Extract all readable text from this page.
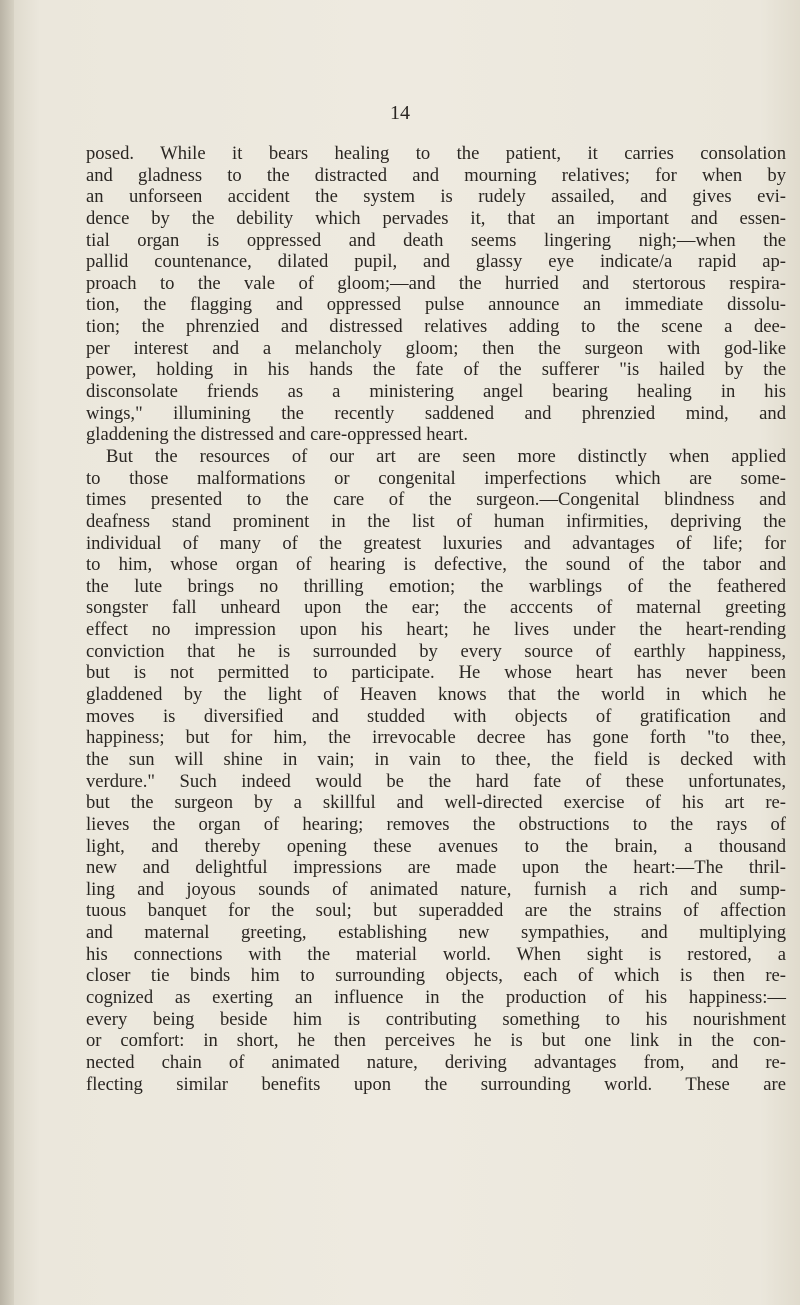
14
posed. While it bears healing to the patient, it carries consolation
and gladness to the distracted and mourning relatives; for when by
an unforseen accident the system is rudely assailed, and gives evi-
dence by the debility which pervades it, that an important and essen-
tial organ is oppressed and death seems lingering nigh;—when the
pallid countenance, dilated pupil, and glassy eye indicate/a rapid ap-
proach to the vale of gloom;—and the hurried and stertorous respira-
tion, the flagging and oppressed pulse announce an immediate dissolu-
tion; the phrenzied and distressed relatives adding to the scene a dee-
per interest and a melancholy gloom; then the surgeon with god-like
power, holding in his hands the fate of the sufferer "is hailed by the
disconsolate friends as a ministering angel bearing healing in his
wings," illumining the recently saddened and phrenzied mind, and
gladdening the distressed and care-oppressed heart.
But the resources of our art are seen more distinctly when applied
to those malformations or congenital imperfections which are some-
times presented to the care of the surgeon.—Congenital blindness and
deafness stand prominent in the list of human infirmities, depriving the
individual of many of the greatest luxuries and advantages of life; for
to him, whose organ of hearing is defective, the sound of the tabor and
the lute brings no thrilling emotion; the warblings of the feathered
songster fall unheard upon the ear; the acccents of maternal greeting
effect no impression upon his heart; he lives under the heart-rending
conviction that he is surrounded by every source of earthly happiness,
but is not permitted to participate. He whose heart has never been
gladdened by the light of Heaven knows that the world in which he
moves is diversified and studded with objects of gratification and
happiness; but for him, the irrevocable decree has gone forth "to thee,
the sun will shine in vain; in vain to thee, the field is decked with
verdure." Such indeed would be the hard fate of these unfortunates,
but the surgeon by a skillful and well-directed exercise of his art re-
lieves the organ of hearing; removes the obstructions to the rays of
light, and thereby opening these avenues to the brain, a thousand
new and delightful impressions are made upon the heart:—The thril-
ling and joyous sounds of animated nature, furnish a rich and sump-
tuous banquet for the soul; but superadded are the strains of affection
and maternal greeting, establishing new sympathies, and multiplying
his connections with the material world. When sight is restored, a
closer tie binds him to surrounding objects, each of which is then re-
cognized as exerting an influence in the production of his happiness:—
every being beside him is contributing something to his nourishment
or comfort: in short, he then perceives he is but one link in the con-
nected chain of animated nature, deriving advantages from, and re-
flecting similar benefits upon the surrounding world. These are
